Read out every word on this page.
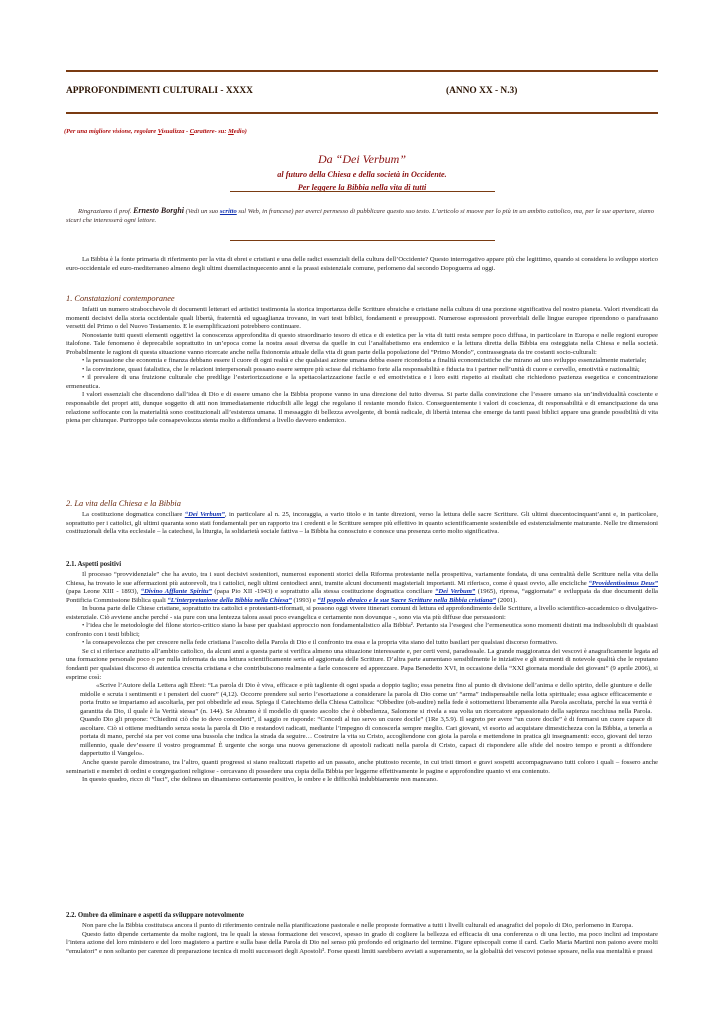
APPROFONDIMENTI CULTURALI - XXXX	(ANNO XX - N.3)
(Per una migliore visione, regolare Visualizza - Carattere- su: Medio)
Da “Dei Verbum”
al futuro della Chiesa e della società in Occidente.
Per leggere la Bibbia nella vita di tutti
Ringraziamo il prof. Ernesto Borghi (Vedi un suo scritto sul Web, in francese) per averci permesso di pubblicare questo suo testo. L’articolo si muove per lo più in un ambito cattolico, ma, per le sue aperture, siamo sicuri che interesserà ogni lettore.

La Bibbia è la fonte primaria di riferimento per la vita di ebrei e cristiani e una delle radici essenziali della cultura dell’Occidente? Questo interrogativo appare più che legittimo, quando si considera lo sviluppo storico euro-occidentale ed euro-mediterraneo almeno degli ultimi duemilacinquecento anni e la prassi esistenziale comune, perlomeno dal secondo Dopoguerra ad oggi.

1. Constatazioni contemporanee

Infatti un numero strabocchevole di documenti letterari ed artistici testimonia la storica importanza delle Scritture ebraiche e cristiane nella cultura di una porzione significativa del nostro pianeta. Valori rivendicati da momenti decisivi della storia occidentale quali libertà, fraternità ed uguaglianza trovano, in vari testi biblici, fondamenti e presupposti. Numerose espressioni proverbiali delle lingue europee riprendono o parafrasano versetti del Primo o del Nuovo Testamento. E le esemplificazioni potrebbero continuare.

Nonostante tutti questi elementi oggettivi la conoscenza approfondita di questo straordinario tesoro di etica e di estetica per la vita di tutti resta sempre poco diffusa, in particolare in Europa e nelle regioni europee italofone. Tale fenomeno è deprecabile soprattutto in un’epoca come la nostra assai diversa da quelle in cui l’analfabetismo era endemico e la lettura diretta della Bibbia era osteggiata nella Chiesa e nella società. Probabilmente le ragioni di questa situazione vanno ricercate anche nella fisionomia attuale della vita di gran parte della popolazione del “Primo Mondo”, contrassegnata da tre costanti socio-culturali:

• la persuasione che economia e finanza debbano essere il cuore di ogni realtà e che qualsiasi azione umana debba essere ricondotta a finalità economicistiche che mirano ad uno sviluppo essenzialmente materiale;

• la convinzione, quasi fatalistica, che le relazioni interpersonali possano essere sempre più scisse dal richiamo forte alla responsabilità e fiducia tra i partner nell’unità di cuore e cervello, emotività e razionalità;

• il prevalere di una fruizione culturale che predilige l’esteriorizzazione e la spettacolarizzazione facile e ed emotivistica e i loro esiti rispetto ai risultati che richiedono pazienza esegetica e concentrazione ermeneutica.

I valori essenziali che discendono dall’idea di Dio e di essere umano che la Bibbia propone vanno in una direzione del tutto diversa. Si parte dalla convinzione che l’essere umano sia un’individualità cosciente e responsabile dei propri atti, dunque soggetto di atti non immediatamente riducibili alle leggi che regolano il restante mondo fisico. Conseguentemente i valori di coscienza, di responsabilità e di emancipazione da una relazione soffocante con la materialità sono costituzionali all’esistenza umana. Il messaggio di bellezza avvolgente, di bontà radicale, di libertà intensa che emerge da tanti passi biblici appare una grande possibilità di vita piena per chiunque. Purtroppo tale consapevolezza stenta molto a diffondersi a livello davvero endemico.

2. La vita della Chiesa e la Bibbia

La costituzione dogmatica conciliare “Dei Verbum”, in particolare al n. 25, incoraggia, a vario titolo e in tante direzioni, verso la lettura delle sacre Scritture. Gli ultimi duecentocinquant’anni e, in particolare, soprattutto per i cattolici, gli ultimi quaranta sono stati fondamentali per un rapporto tra i credenti e le Scritture sempre più effettivo in quanto scientificamente sostenibile ed esistenzialmente maturante. Nelle tre dimensioni costituzionali della vita ecclesiale – la catechesi, la liturgia, la solidarietà sociale fattiva – la Bibbia ha conosciuto e conosce una presenza certo molto significativa.

2.1. Aspetti positivi

Il processo “provvidenziale” che ha avuto, tra i suoi decisivi sostenitori, numerosi esponenti storici della Riforma protestante nella prospettiva, variamente fondata, di una centralità delle Scritture nella vita della Chiesa, ha trovato le sue affermazioni più autorevoli, tra i cattolici, negli ultimi centodieci anni, tramite alcuni documenti magisteriali importanti. Mi riferisco, come è quasi ovvio, alle encicliche “Providentissimus Deus” (papa Leone XIII - 1893), “Divino Afflante Spiritu” (papa Pio XII -1943) e soprattutto alla stessa costituzione dogmatica conciliare “Dei Verbum” (1965), ripresa, “aggiornata” e sviluppata da due documenti della Pontificia Commissione Biblica quali “L’interpretazione della Bibbia nella Chiesa” (1993) e “Il popolo ebraico e le sue Sacre Scritture nella Bibbia cristiana” (2001).

In buona parte delle Chiese cristiane, soprattutto tra cattolici e protestanti-riformati, si possono oggi vivere itinerari comuni di lettura ed approfondimento delle Scritture, a livello scientifico-accademico o divulgativo-esistenziale. Ciò avviene anche perché - sia pure con una lentezza talora assai poco evangelica e certamente non dovunque -, sono via via più diffuse due persuasioni:

• l’idea che le metodologie del filone storico-critico siano la base per qualsiasi approccio non fondamentalistico alla Bibbia². Pertanto sia l’esegesi che l’ermeneutica sono momenti distinti ma indissolubili di qualsiasi confronto con i testi biblici;

• la consapevolezza che per crescere nella fede cristiana l’ascolto della Parola di Dio e il confronto tra essa e la propria vita siano del tutto basilari per qualsiasi discorso formativo.

Se ci si riferisce anzitutto all’ambito cattolico, da alcuni anni a questa parte si verifica almeno una situazione interessante e, per certi versi, paradossale. La grande maggioranza dei vescovi è anagraficamente legata ad una formazione personale poco o per nulla informata da una lettura scientificamente seria ed aggiornata delle Scritture. D’altra parte aumentano sensibilmente le iniziative e gli strumenti di notevole qualità che le reputano fondanti per qualsiasi discorso di autentica crescita cristiana e che contribuiscono realmente a farle conoscere ed apprezzare. Papa Benedetto XVI, in occasione della “XXI giornata mondiale dei giovani” (9 aprile 2006), si esprime così:

«Scrive l’Autore della Lettera agli Ebrei: “La parola di Dio è viva, efficace e più tagliente di ogni spada a doppio taglio; essa penetra fino al punto di divisione dell’anima e dello spirito, delle giunture e delle midolle e scruta i sentimenti e i pensieri del cuore” (4,12). Occorre prendere sul serio l’esortazione a considerare la parola di Dio come un’ “arma” indispensabile nella lotta spirituale; essa agisce efficacemente e porta frutto se impariamo ad ascoltarla, per poi obbedirle ad essa. Spiega il Catechismo della Chiesa Cattolica: “Obbedire (ob-audire) nella fede è sottomettersi liberamente alla Parola ascoltata, perché la sua verità è garantita da Dio, il quale è la Verità stessa” (n. 144). Se Abramo è il modello di questo ascolto che è obbedienza, Salomone si rivela a sua volta un ricercatore appassionato della sapienza racchiusa nella Parola. Quando Dio gli propone: “Chiedimi ciò che io devo concederti”, il saggio re risponde: “Concedi al tuo servo un cuore docile” (1Re 3,5.9). Il segreto per avere “un cuore docile” è di formarsi un cuore capace di ascoltare. Ciò si ottiene meditando senza sosta la parola di Dio e restandovi radicati, mediante l’impegno di conoscerla sempre meglio. Cari giovani, vi esorto ad acquistare dimestichezza con la Bibbia, a tenerla a portata di mano, perché sia per voi come una bussola che indica la strada da seguire… Costruire la vita su Cristo, accogliendone con gioia la parola e mettendone in pratica gli insegnamenti: ecco, giovani del terzo millennio, quale dev’essere il vostro programma! È urgente che sorga una nuova generazione di apostoli radicati nella parola di Cristo, capaci di rispondere alle sfide del nostro tempo e pronti a diffondere dappertutto il Vangelo».

Anche queste parole dimostrano, tra l’altro, quanti progressi si siano realizzati rispetto ad un passato, anche piuttosto recente, in cui tristi timori e gravi sospetti accompagnavano tutti coloro i quali – fossero anche seminaristi e membri di ordini e congregazioni religiose - cercavano di possedere una copia della Bibbia per leggerne effettivamente le pagine e approfondire quanto vi era contenuto.

In questo quadro, ricco di “luci”, che delinea un dinamismo certamente positivo, le ombre e le difficoltà indubbiamente non mancano.

2.2. Ombre da eliminare e aspetti da sviluppare notevolmente

Non pare che la Bibbia costituisca ancora il punto di riferimento centrale nella pianificazione pastorale e nelle proposte formative a tutti i livelli culturali ed anagrafici del popolo di Dio, perlomeno in Europa.

Questo fatto dipende certamente da molte ragioni, tra le quali la stessa formazione dei vescovi, spesso in grado di cogliere la bellezza ed efficacia di una conferenza o di una lectio, ma poco inclini ad impostare l’intera azione del loro ministero e del loro magistero a partire e sulla base della Parola di Dio nel senso più profondo ed originario del termine. Figure episcopali come il card. Carlo Maria Martini non paiono avere molti “emulatori” e non soltanto per carenze di preparazione tecnica di molti successori degli Apostoli³. Forse questi limiti sarebbero avviati a superamento, se la globalità dei vescovi potesse sposare, nella sua mentalità e prassi
